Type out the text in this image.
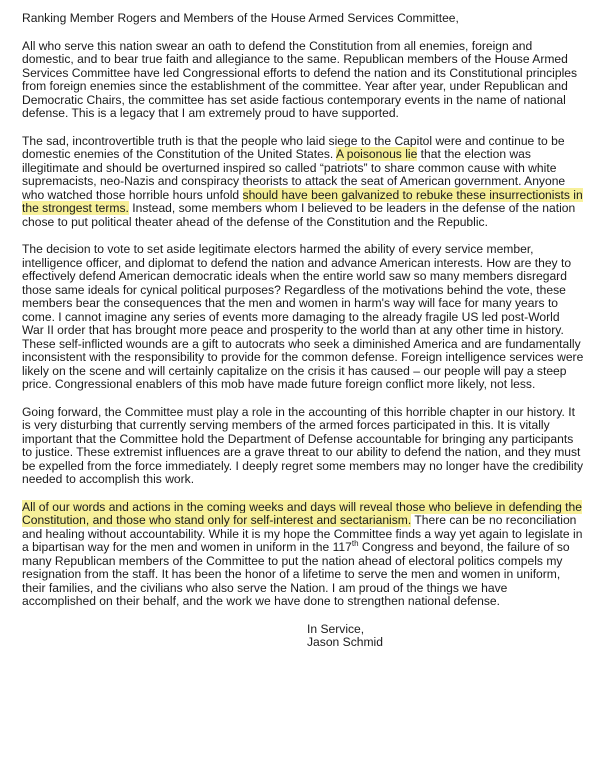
Ranking Member Rogers and Members of the House Armed Services Committee,

All who serve this nation swear an oath to defend the Constitution from all enemies, foreign and domestic, and to bear true faith and allegiance to the same. Republican members of the House Armed Services Committee have led Congressional efforts to defend the nation and its Constitutional principles from foreign enemies since the establishment of the committee. Year after year, under Republican and Democratic Chairs, the committee has set aside factious contemporary events in the name of national defense. This is a legacy that I am extremely proud to have supported.

The sad, incontrovertible truth is that the people who laid siege to the Capitol were and continue to be domestic enemies of the Constitution of the United States. A poisonous lie that the election was illegitimate and should be overturned inspired so called “patriots” to share common cause with white supremacists, neo-Nazis and conspiracy theorists to attack the seat of American government. Anyone who watched those horrible hours unfold should have been galvanized to rebuke these insurrectionists in the strongest terms. Instead, some members whom I believed to be leaders in the defense of the nation chose to put political theater ahead of the defense of the Constitution and the Republic.

The decision to vote to set aside legitimate electors harmed the ability of every service member, intelligence officer, and diplomat to defend the nation and advance American interests. How are they to effectively defend American democratic ideals when the entire world saw so many members disregard those same ideals for cynical political purposes? Regardless of the motivations behind the vote, these members bear the consequences that the men and women in harm's way will face for many years to come. I cannot imagine any series of events more damaging to the already fragile US led post-World War II order that has brought more peace and prosperity to the world than at any other time in history. These self-inflicted wounds are a gift to autocrats who seek a diminished America and are fundamentally inconsistent with the responsibility to provide for the common defense. Foreign intelligence services were likely on the scene and will certainly capitalize on the crisis it has caused – our people will pay a steep price. Congressional enablers of this mob have made future foreign conflict more likely, not less.

Going forward, the Committee must play a role in the accounting of this horrible chapter in our history. It is very disturbing that currently serving members of the armed forces participated in this. It is vitally important that the Committee hold the Department of Defense accountable for bringing any participants to justice. These extremist influences are a grave threat to our ability to defend the nation, and they must be expelled from the force immediately. I deeply regret some members may no longer have the credibility needed to accomplish this work.

All of our words and actions in the coming weeks and days will reveal those who believe in defending the Constitution, and those who stand only for self-interest and sectarianism. There can be no reconciliation and healing without accountability. While it is my hope the Committee finds a way yet again to legislate in a bipartisan way for the men and women in uniform in the 117th Congress and beyond, the failure of so many Republican members of the Committee to put the nation ahead of electoral politics compels my resignation from the staff. It has been the honor of a lifetime to serve the men and women in uniform, their families, and the civilians who also serve the Nation. I am proud of the things we have accomplished on their behalf, and the work we have done to strengthen national defense.

In Service,
Jason Schmid
